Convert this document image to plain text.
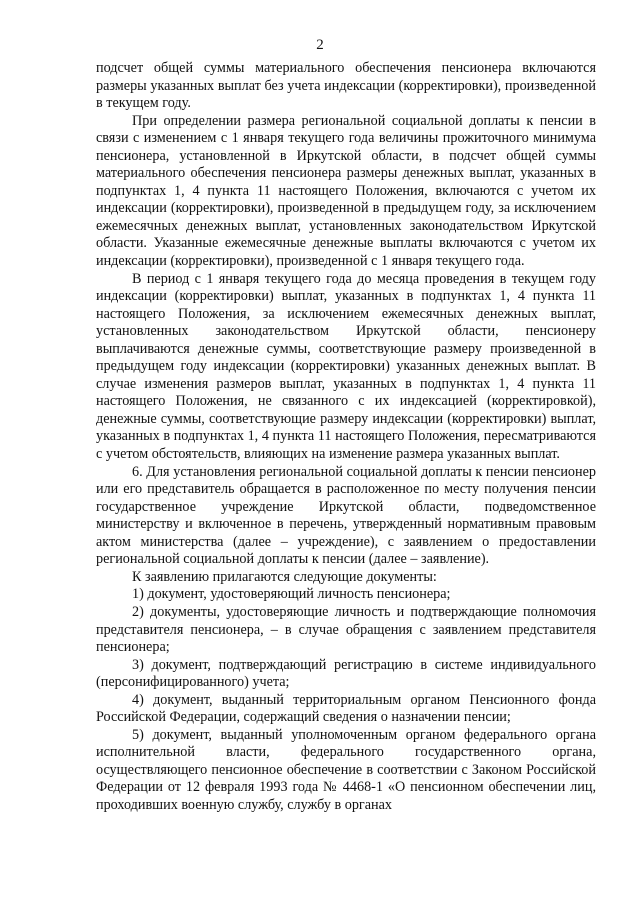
2

подсчет общей суммы материального обеспечения пенсионера включаются размеры указанных выплат без учета индексации (корректировки), произведенной в текущем году.

При определении размера региональной социальной доплаты к пенсии в связи с изменением с 1 января текущего года величины прожиточного минимума пенсионера, установленной в Иркутской области, в подсчет общей суммы материального обеспечения пенсионера размеры денежных выплат, указанных в подпунктах 1, 4 пункта 11 настоящего Положения, включаются с учетом их индексации (корректировки), произведенной в предыдущем году, за исключением ежемесячных денежных выплат, установленных законодательством Иркутской области. Указанные ежемесячные денежные выплаты включаются с учетом их индексации (корректировки), произведенной с 1 января текущего года.

В период с 1 января текущего года до месяца проведения в текущем году индексации (корректировки) выплат, указанных в подпунктах 1, 4 пункта 11 настоящего Положения, за исключением ежемесячных денежных выплат, установленных законодательством Иркутской области, пенсионеру выплачиваются денежные суммы, соответствующие размеру произведенной в предыдущем году индексации (корректировки) указанных денежных выплат. В случае изменения размеров выплат, указанных в подпунктах 1, 4 пункта 11 настоящего Положения, не связанного с их индексацией (корректировкой), денежные суммы, соответствующие размеру индексации (корректировки) выплат, указанных в подпунктах 1, 4 пункта 11 настоящего Положения, пересматриваются с учетом обстоятельств, влияющих на изменение размера указанных выплат.

6. Для установления региональной социальной доплаты к пенсии пенсионер или его представитель обращается в расположенное по месту получения пенсии государственное учреждение Иркутской области, подведомственное министерству и включенное в перечень, утвержденный нормативным правовым актом министерства (далее – учреждение), с заявлением о предоставлении региональной социальной доплаты к пенсии (далее – заявление).

К заявлению прилагаются следующие документы:

1) документ, удостоверяющий личность пенсионера;

2) документы, удостоверяющие личность и подтверждающие полномочия представителя пенсионера, – в случае обращения с заявлением представителя пенсионера;

3) документ, подтверждающий регистрацию в системе индивидуального (персонифицированного) учета;

4) документ, выданный территориальным органом Пенсионного фонда Российской Федерации, содержащий сведения о назначении пенсии;

5) документ, выданный уполномоченным органом федерального органа исполнительной власти, федерального государственного органа, осуществляющего пенсионное обеспечение в соответствии с Законом Российской Федерации от 12 февраля 1993 года № 4468-1 «О пенсионном обеспечении лиц, проходивших военную службу, службу в органах
